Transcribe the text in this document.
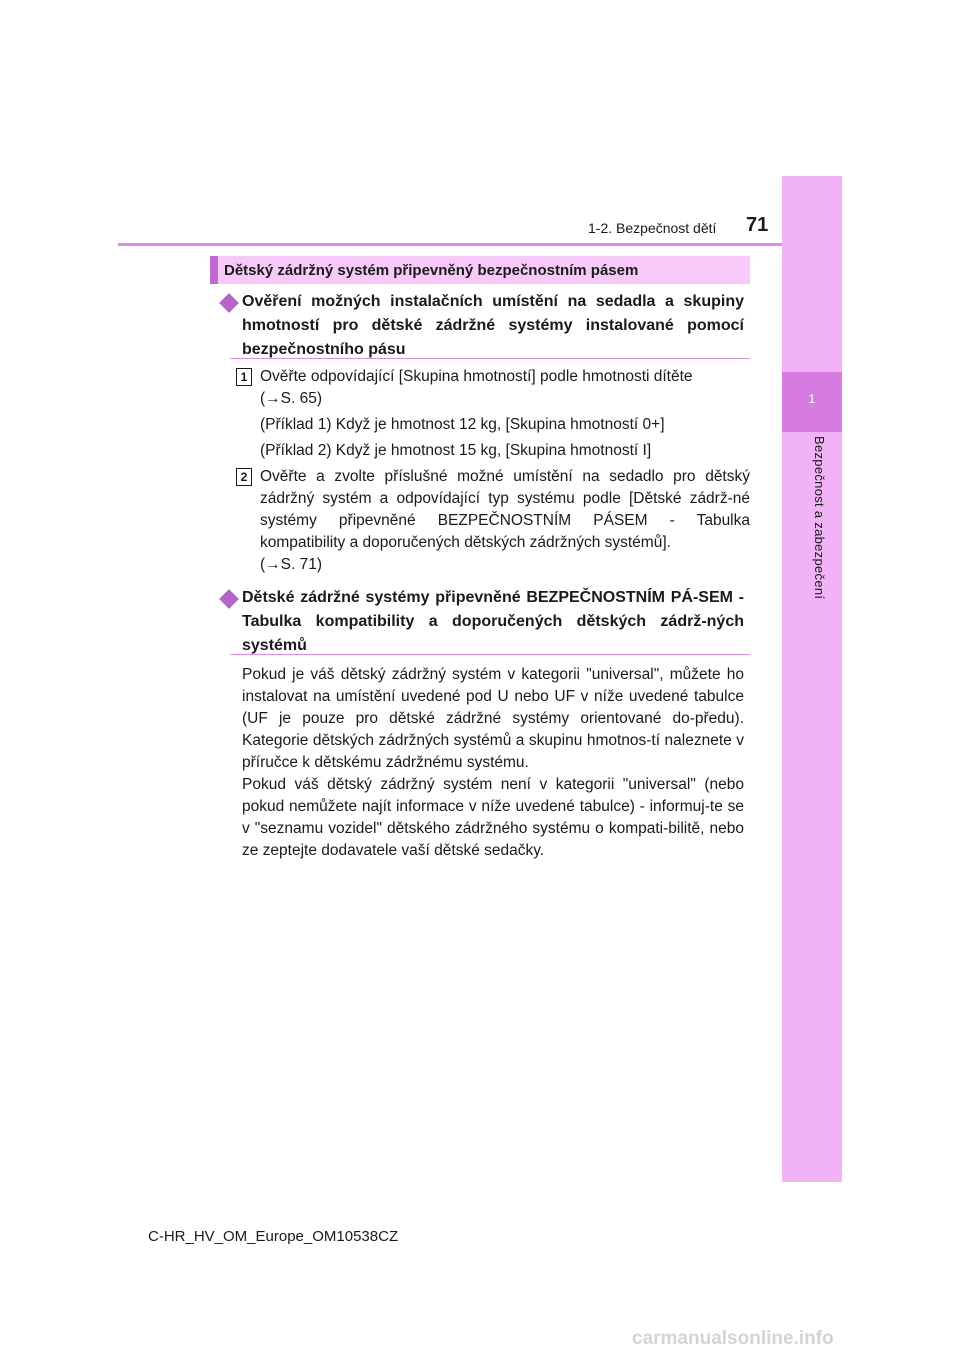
1
Bezpečnost a zabezpečení
1-2. Bezpečnost dětí 71
Dětský zádržný systém připevněný bezpečnostním pásem
Ověření možných instalačních umístění na sedadla a skupiny hmotností pro dětské zádržné systémy instalované pomocí bezpečnostního pásu
1 Ověřte odpovídající [Skupina hmotností] podle hmotnosti dítěte
(→S. 65)
(Příklad 1) Když je hmotnost 12 kg, [Skupina hmotností 0+]
(Příklad 2) Když je hmotnost 15 kg, [Skupina hmotností I]
2 Ověřte a zvolte příslušné možné umístění na sedadlo pro dětský zádržný systém a odpovídající typ systému podle [Dětské zádrž-né systémy připevněné BEZPEČNOSTNÍM PÁSEM - Tabulka kompatibility a doporučených dětských zádržných systémů].
(→S. 71)
Dětské zádržné systémy připevněné BEZPEČNOSTNÍM PÁ-SEM - Tabulka kompatibility a doporučených dětských zádrž-ných systémů
Pokud je váš dětský zádržný systém v kategorii "universal", můžete ho instalovat na umístění uvedené pod U nebo UF v níže uvedené tabulce (UF je pouze pro dětské zádržné systémy orientované do-předu). Kategorie dětských zádržných systémů a skupinu hmotnos-tí naleznete v příručce k dětskému zádržnému systému.
Pokud váš dětský zádržný systém není v kategorii "universal" (nebo pokud nemůžete najít informace v níže uvedené tabulce) - informuj-te se v "seznamu vozidel" dětského zádržného systému o kompati-bilitě, nebo ze zeptejte dodavatele vaší dětské sedačky.
C-HR_HV_OM_Europe_OM10538CZ
carmanualsonline.info
